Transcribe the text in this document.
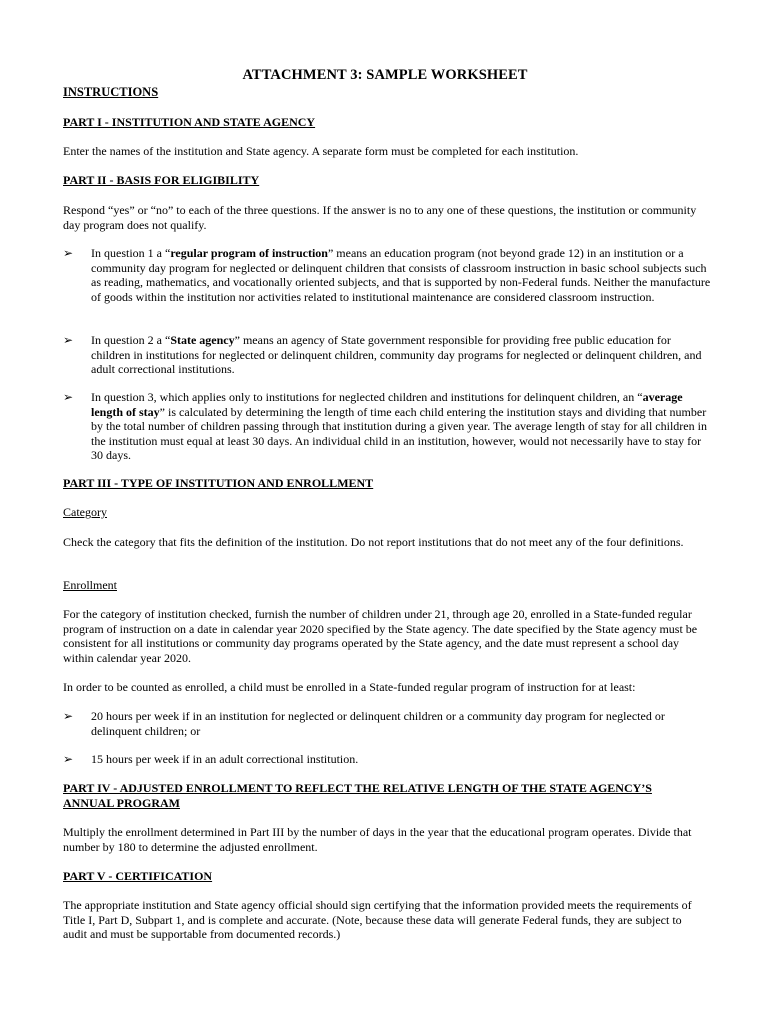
ATTACHMENT 3: SAMPLE WORKSHEET
INSTRUCTIONS
PART I - INSTITUTION AND STATE AGENCY
Enter the names of the institution and State agency. A separate form must be completed for each institution.
PART II - BASIS FOR ELIGIBILITY
Respond “yes” or “no” to each of the three questions. If the answer is no to any one of these questions, the institution or community day program does not qualify.
➢ In question 1 a “regular program of instruction” means an education program (not beyond grade 12) in an institution or a community day program for neglected or delinquent children that consists of classroom instruction in basic school subjects such as reading, mathematics, and vocationally oriented subjects, and that is supported by non-Federal funds. Neither the manufacture of goods within the institution nor activities related to institutional maintenance are considered classroom instruction.
➢ In question 2 a “State agency” means an agency of State government responsible for providing free public education for children in institutions for neglected or delinquent children, community day programs for neglected or delinquent children, and adult correctional institutions.
➢ In question 3, which applies only to institutions for neglected children and institutions for delinquent children, an “average length of stay” is calculated by determining the length of time each child entering the institution stays and dividing that number by the total number of children passing through that institution during a given year. The average length of stay for all children in the institution must equal at least 30 days. An individual child in an institution, however, would not necessarily have to stay for 30 days.
PART III - TYPE OF INSTITUTION AND ENROLLMENT
Category
Check the category that fits the definition of the institution. Do not report institutions that do not meet any of the four definitions.
Enrollment
For the category of institution checked, furnish the number of children under 21, through age 20, enrolled in a State-funded regular program of instruction on a date in calendar year 2020 specified by the State agency. The date specified by the State agency must be consistent for all institutions or community day programs operated by the State agency, and the date must represent a school day within calendar year 2020.
In order to be counted as enrolled, a child must be enrolled in a State-funded regular program of instruction for at least:
➢ 20 hours per week if in an institution for neglected or delinquent children or a community day program for neglected or delinquent children; or
➢ 15 hours per week if in an adult correctional institution.
PART IV - ADJUSTED ENROLLMENT TO REFLECT THE RELATIVE LENGTH OF THE STATE AGENCY’S
ANNUAL PROGRAM
Multiply the enrollment determined in Part III by the number of days in the year that the educational program operates. Divide that number by 180 to determine the adjusted enrollment.
PART V - CERTIFICATION
The appropriate institution and State agency official should sign certifying that the information provided meets the requirements of Title I, Part D, Subpart 1, and is complete and accurate. (Note, because these data will generate Federal funds, they are subject to audit and must be supportable from documented records.)
